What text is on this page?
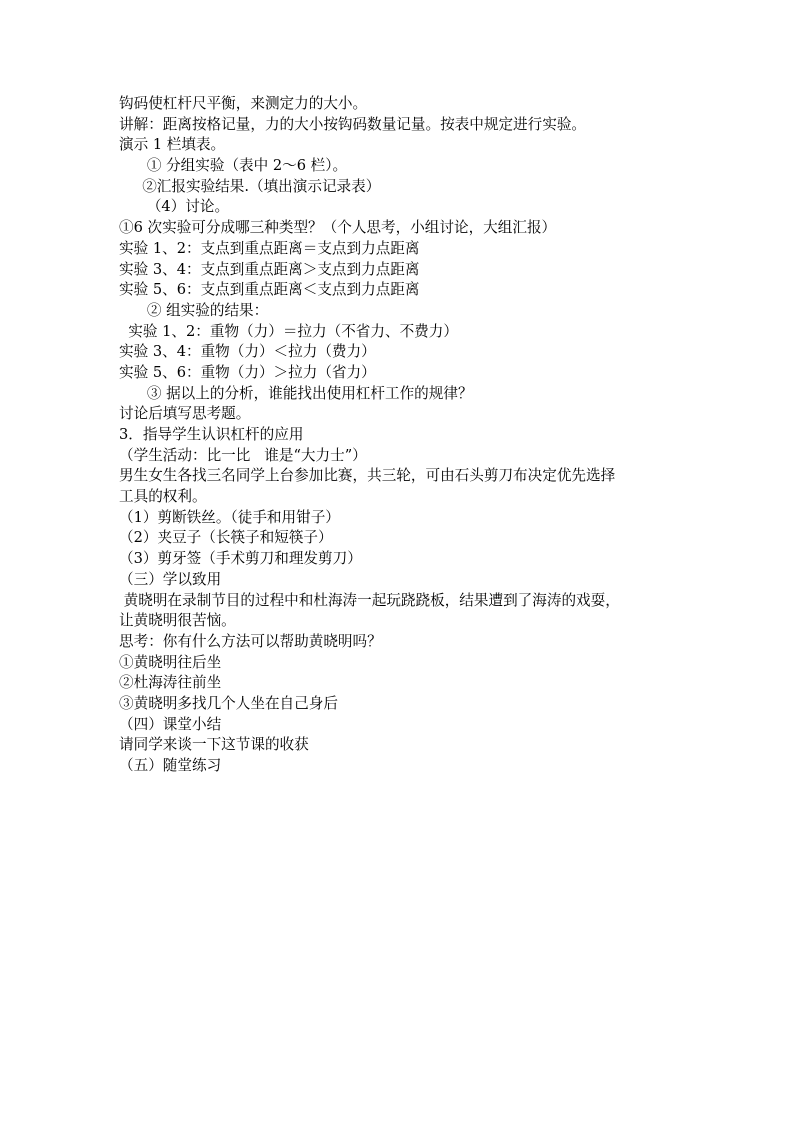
钩码使杠杆尺平衡，来测定力的大小。
讲解：距离按格记量，力的大小按钩码数量记量。按表中规定进行实验。
演示 1 栏填表。
① 分组实验（表中 2～6 栏）。
②汇报实验结果.（填出演示记录表）
（4）讨论。
①6 次实验可分成哪三种类型？（个人思考，小组讨论，大组汇报）
实验 1、2：支点到重点距离＝支点到力点距离
实验 3、4：支点到重点距离＞支点到力点距离
实验 5、6：支点到重点距离＜支点到力点距离
② 组实验的结果：
实验 1、2：重物（力）＝拉力（不省力、不费力）
实验 3、4：重物（力）＜拉力（费力）
实验 5、6：重物（力）＞拉力（省力）
③ 据以上的分析，谁能找出使用杠杆工作的规律？
讨论后填写思考题。
3．指导学生认识杠杆的应用
（学生活动：比一比   谁是“大力士”）
男生女生各找三名同学上台参加比赛，共三轮，可由石头剪刀布决定优先选择
工具的权利。
（1）剪断铁丝。（徒手和用钳子）
（2）夹豆子（长筷子和短筷子）
（3）剪牙签（手术剪刀和理发剪刀）
（三）学以致用
黄晓明在录制节目的过程中和杜海涛一起玩跷跷板，结果遭到了海涛的戏耍，
让黄晓明很苦恼。
思考：你有什么方法可以帮助黄晓明吗？
①黄晓明往后坐
②杜海涛往前坐
③黄晓明多找几个人坐在自己身后
（四）课堂小结
请同学来谈一下这节课的收获
（五）随堂练习
